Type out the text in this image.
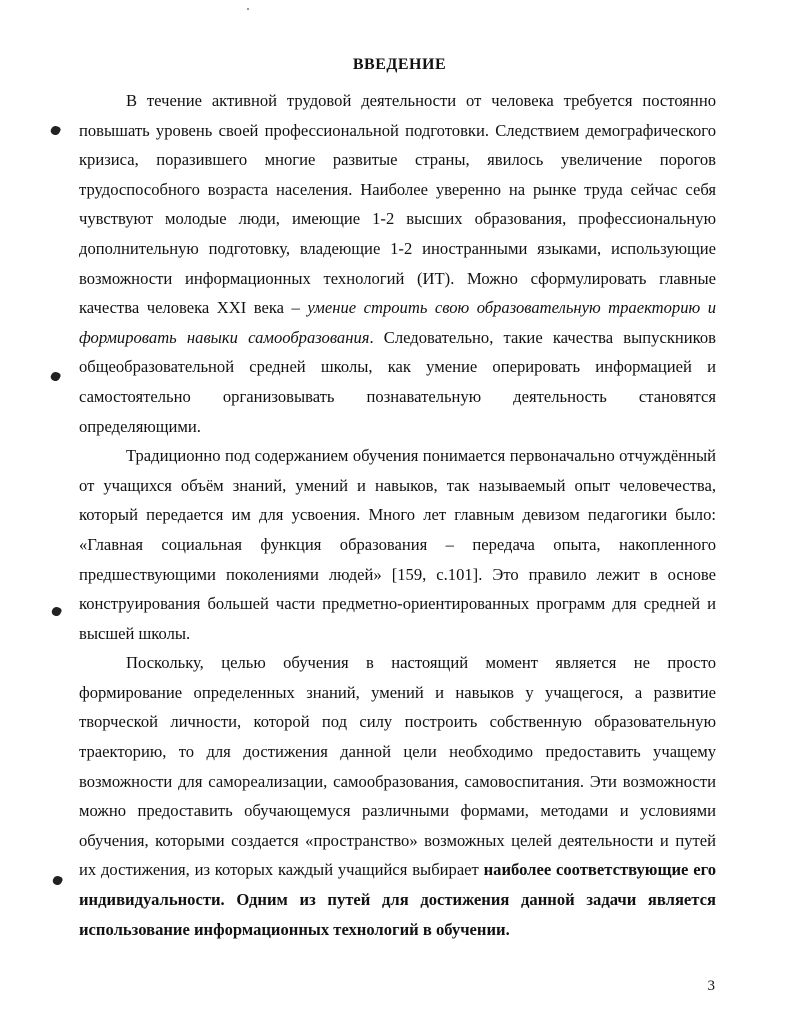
ВВЕДЕНИЕ

В течение активной трудовой деятельности от человека требуется постоянно повышать уровень своей профессиональной подготовки. Следствием демографического кризиса, поразившего многие развитые страны, явилось увеличение порогов трудоспособного возраста населения. Наиболее уверенно на рынке труда сейчас себя чувствуют молодые люди, имеющие 1-2 высших образования, профессиональную дополнительную подготовку, владеющие 1-2 иностранными языками, использующие возможности информационных технологий (ИТ). Можно сформулировать главные качества человека XXI века – умение строить свою образовательную траекторию и формировать навыки самообразования. Следовательно, такие качества выпускников общеобразовательной средней школы, как умение оперировать информацией и самостоятельно организовывать познавательную деятельность становятся определяющими.

Традиционно под содержанием обучения понимается первоначально отчуждённый от учащихся объём знаний, умений и навыков, так называемый опыт человечества, который передается им для усвоения. Много лет главным девизом педагогики было: «Главная социальная функция образования – передача опыта, накопленного предшествующими поколениями людей» [159, с.101]. Это правило лежит в основе конструирования большей части предметно-ориентированных программ для средней и высшей школы.

Поскольку, целью обучения в настоящий момент является не просто формирование определенных знаний, умений и навыков у учащегося, а развитие творческой личности, которой под силу построить собственную образовательную траекторию, то для достижения данной цели необходимо предоставить учащему возможности для самореализации, самообразования, самовоспитания. Эти возможности можно предоставить обучающемуся различными формами, методами и условиями обучения, которыми создается «пространство» возможных целей деятельности и путей их достижения, из которых каждый учащийся выбирает наиболее соответствующие его индивидуальности. Одним из путей для достижения данной задачи является использование информационных технологий в обучении.

3
